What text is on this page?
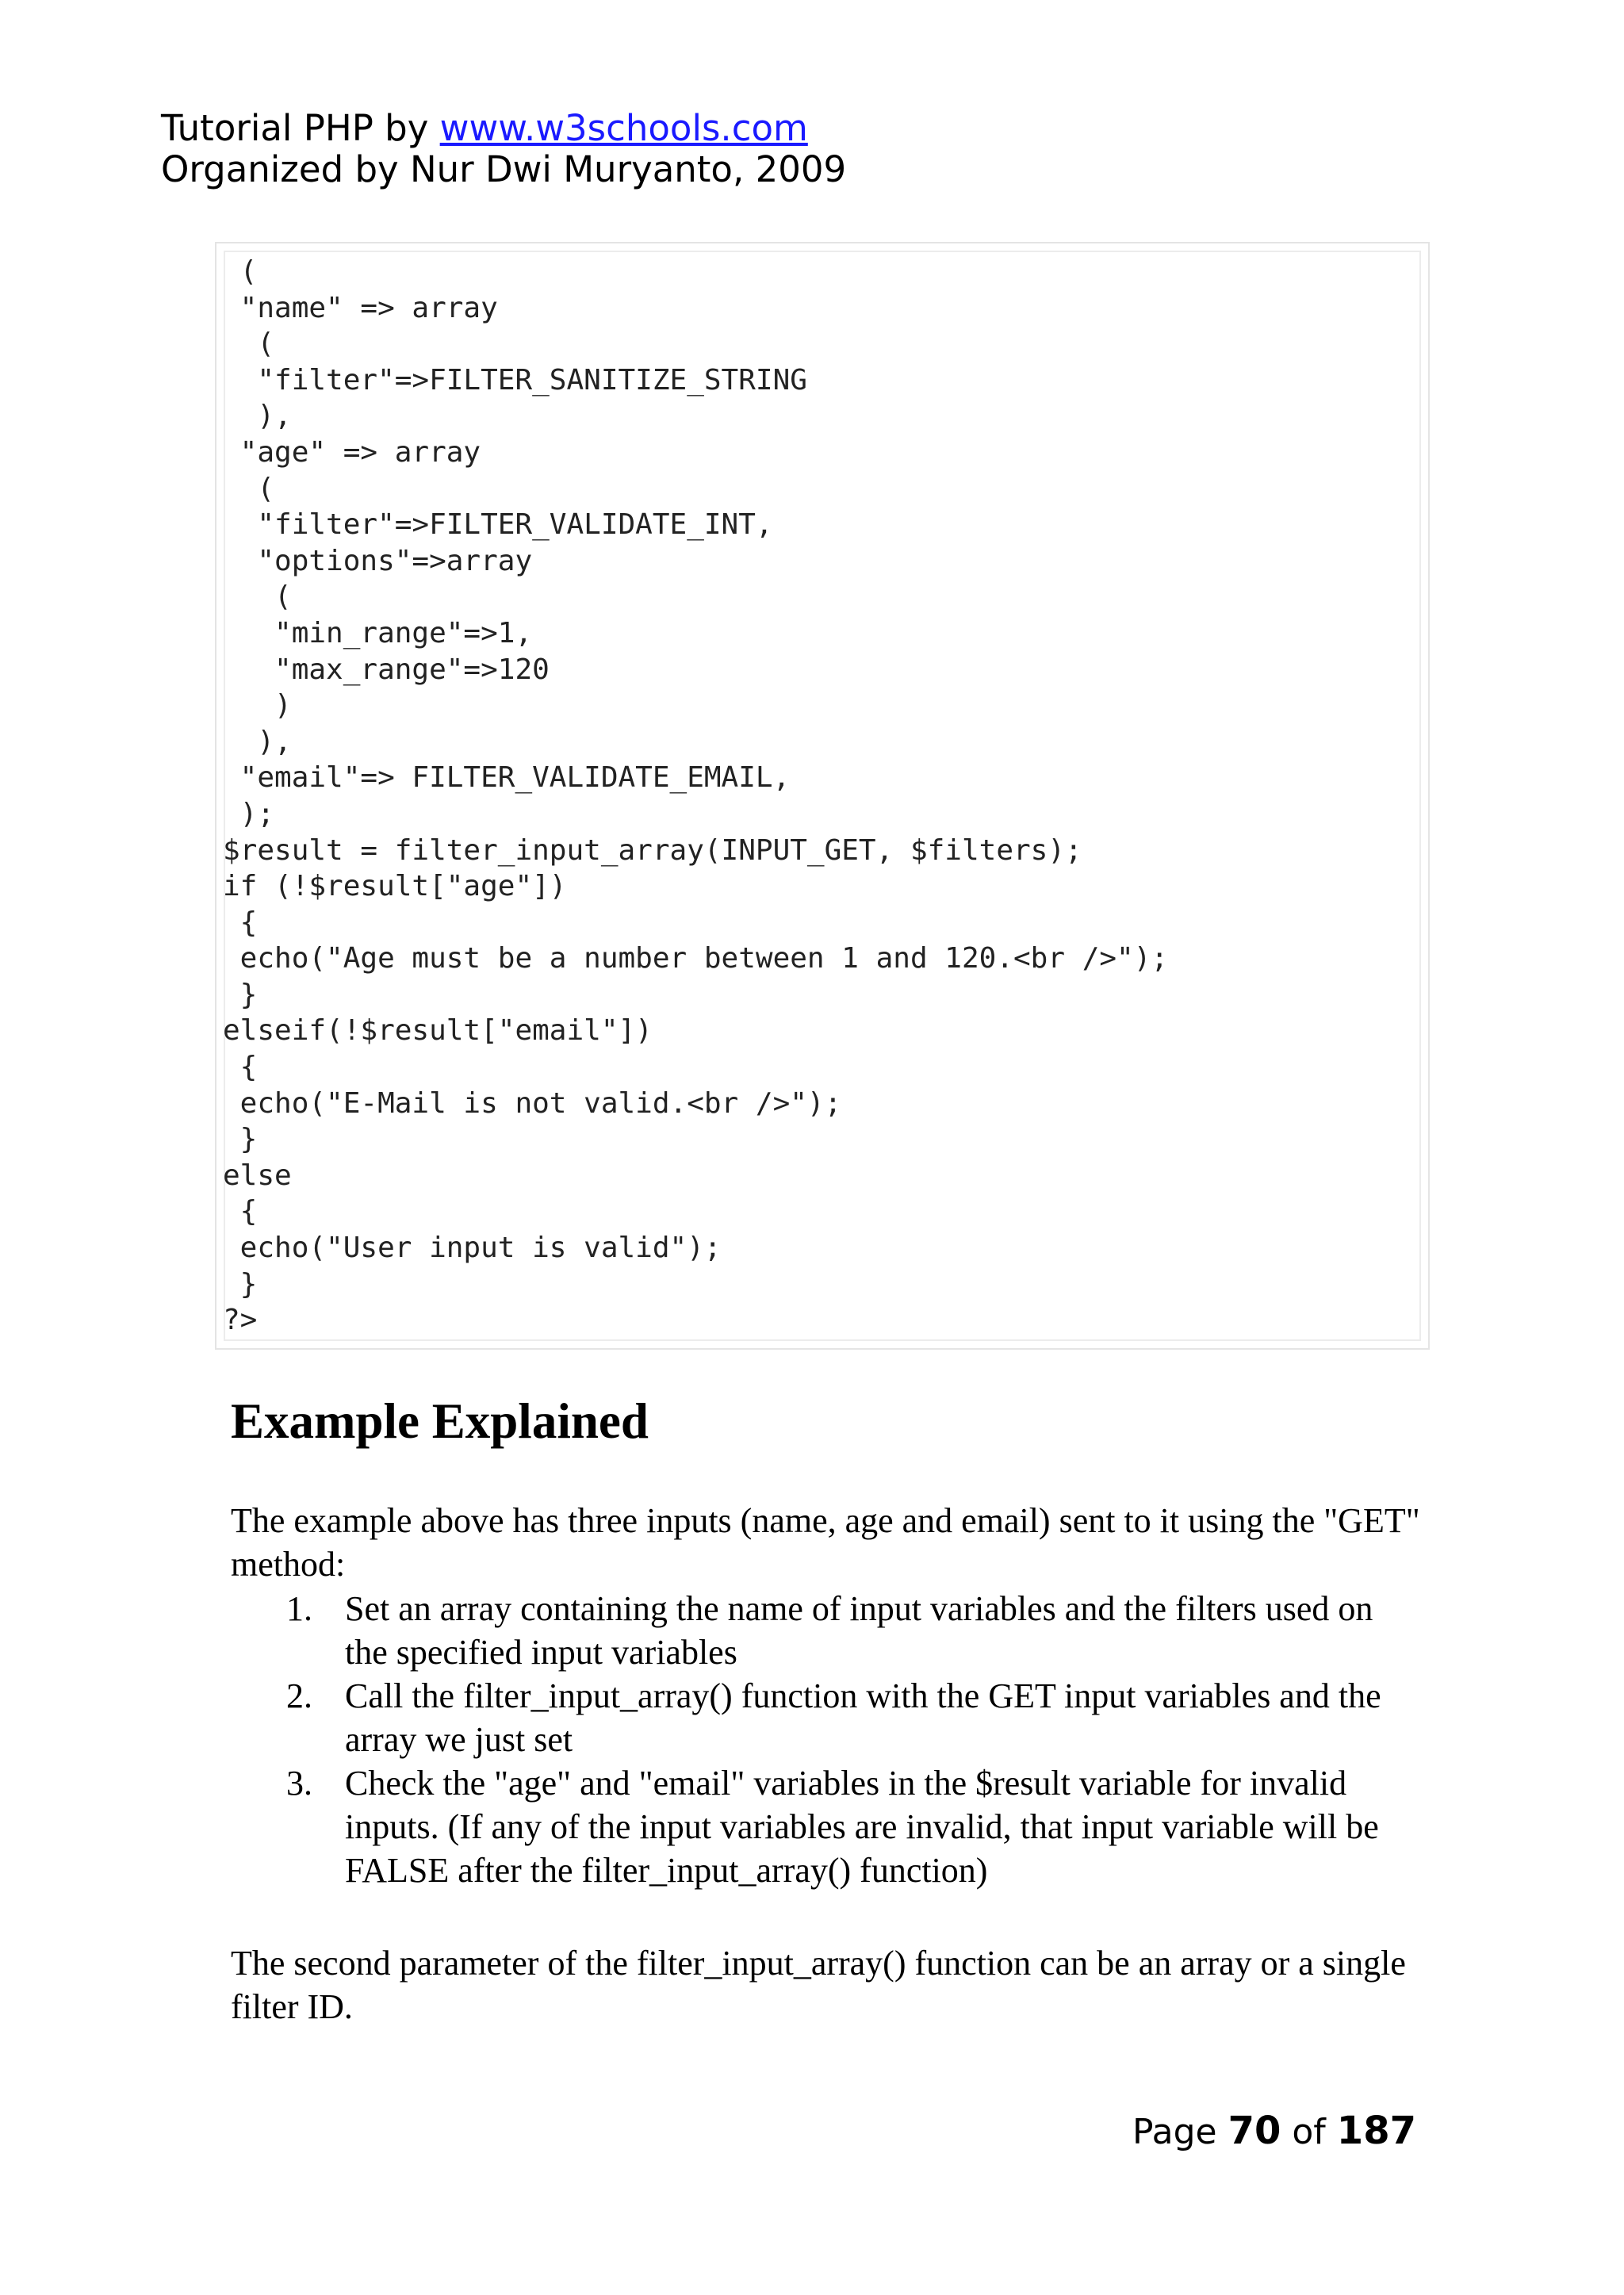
Tutorial PHP by www.w3schools.com
Organized by Nur Dwi Muryanto, 2009
(
"name" => array
(
"filter"=>FILTER_SANITIZE_STRING
),
"age" => array
(
"filter"=>FILTER_VALIDATE_INT,
"options"=>array
(
"min_range"=>1,
"max_range"=>120
)
),
"email"=> FILTER_VALIDATE_EMAIL,
);
$result = filter_input_array(INPUT_GET, $filters);
if (!$result["age"])
{
echo("Age must be a number between 1 and 120.<br />");
}
elseif(!$result["email"])
{
echo("E-Mail is not valid.<br />");
}
else
{
echo("User input is valid");
}
?>
Example Explained

The example above has three inputs (name, age and email) sent to it using the "GET" method:

1. Set an array containing the name of input variables and the filters used on the specified input variables
2. Call the filter_input_array() function with the GET input variables and the array we just set
3. Check the "age" and "email" variables in the $result variable for invalid inputs. (If any of the input variables are invalid, that input variable will be FALSE after the filter_input_array() function)

The second parameter of the filter_input_array() function can be an array or a single filter ID.

Page 70 of 187
